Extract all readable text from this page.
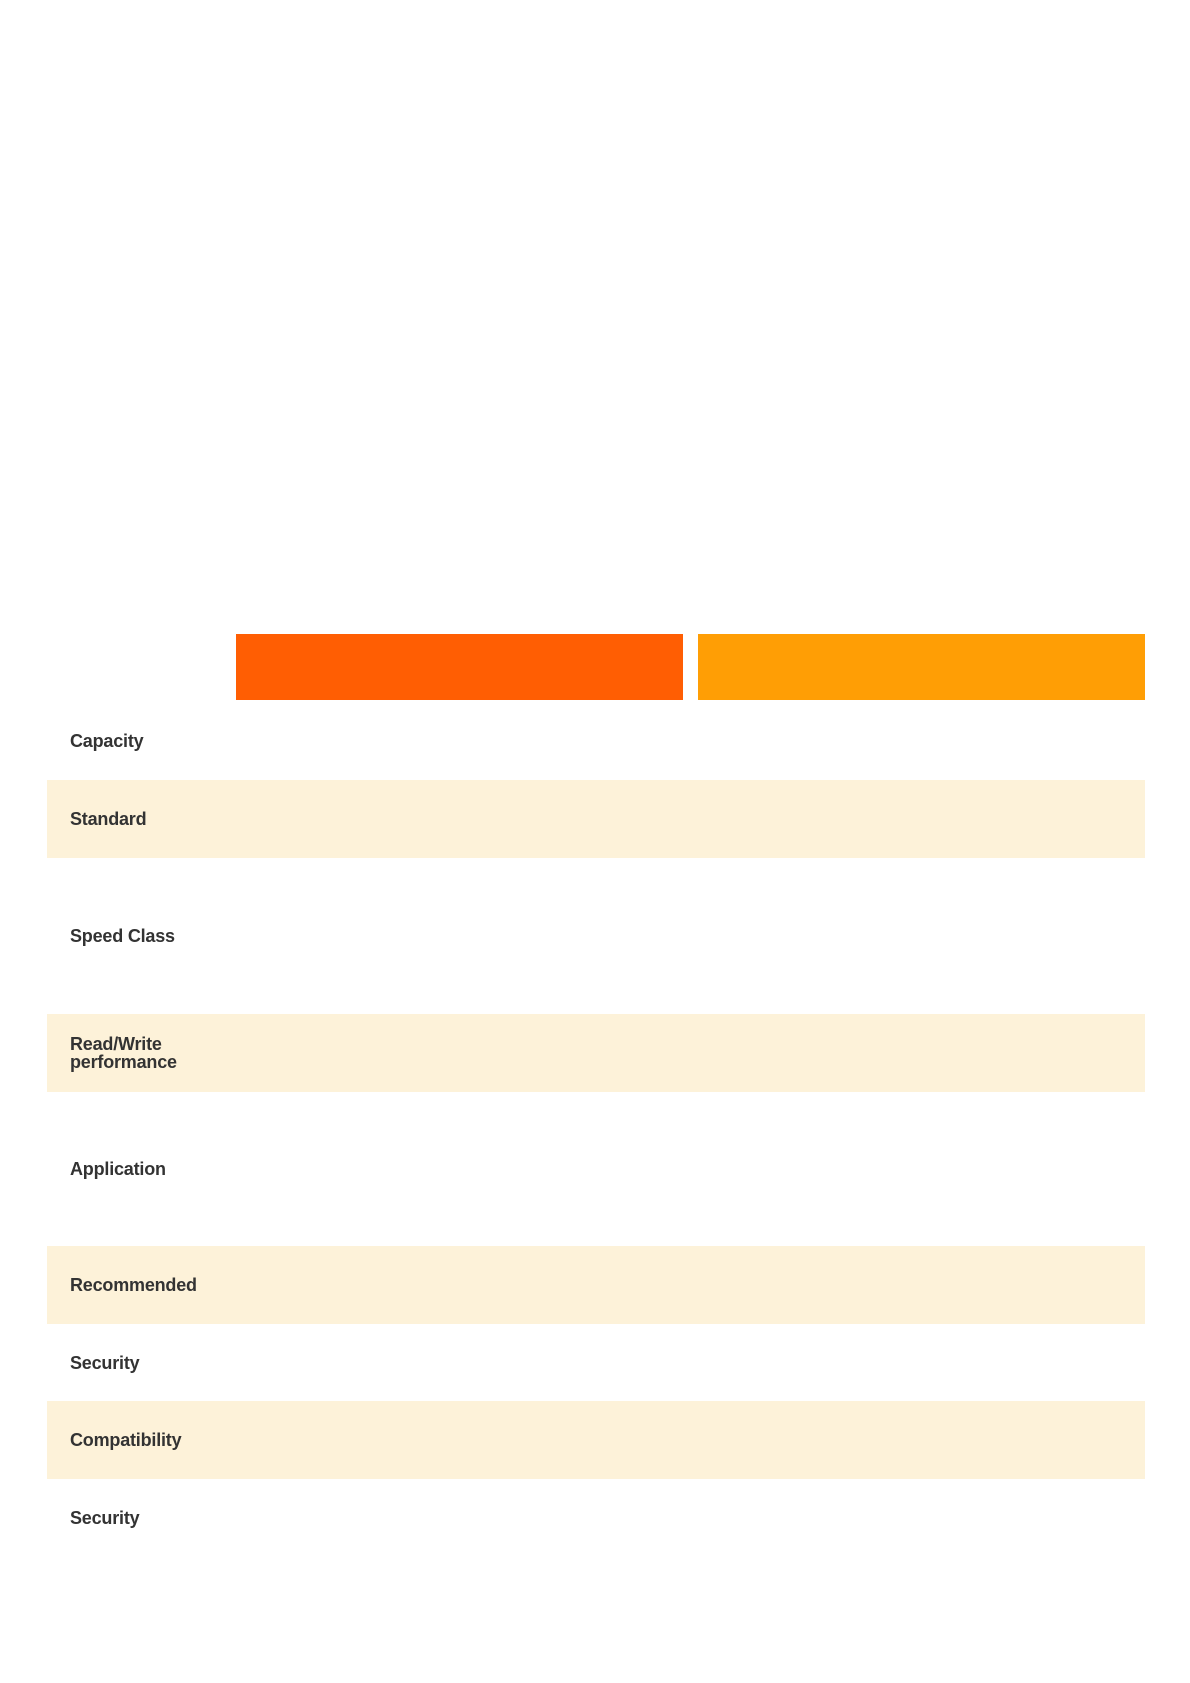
Capacity
Standard
Speed Class
Read/Write performance
Application
Recommended
Security
Compatibility
Security
